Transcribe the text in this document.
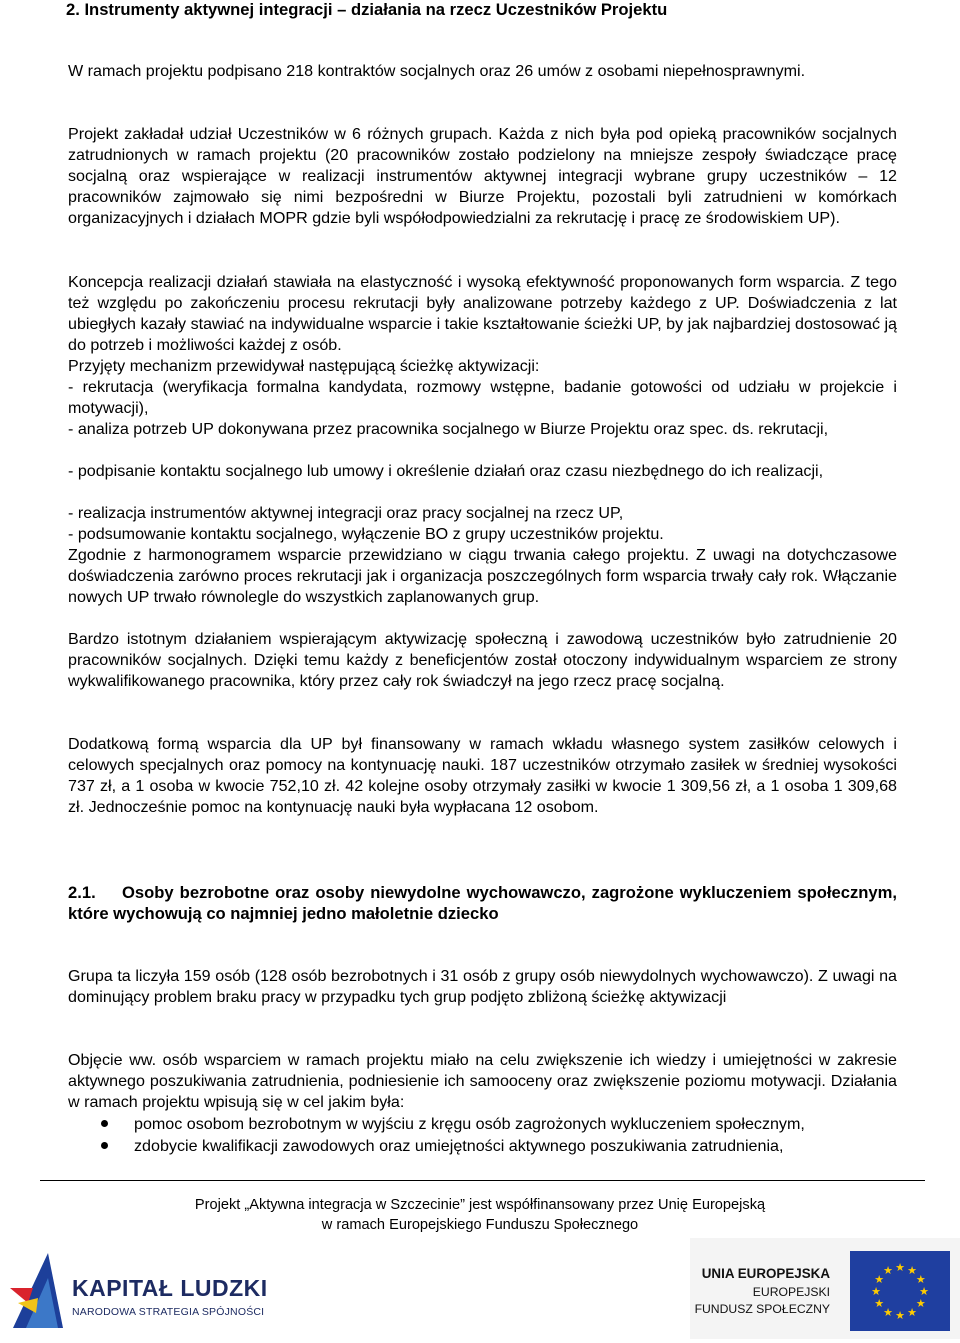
2. Instrumenty aktywnej integracji – działania na rzecz Uczestników Projektu
W ramach projektu podpisano 218 kontraktów socjalnych oraz 26 umów z osobami niepełnosprawnymi.
Projekt zakładał udział Uczestników w 6 różnych grupach. Każda z nich była pod opieką pracowników socjalnych zatrudnionych w ramach projektu (20 pracowników zostało podzielony na mniejsze zespoły świadczące pracę socjalną oraz wspierające w realizacji instrumentów aktywnej integracji wybrane grupy uczestników – 12 pracowników zajmowało się nimi bezpośredni w Biurze Projektu, pozostali byli zatrudnieni w komórkach organizacyjnych i działach MOPR gdzie byli współodpowiedzialni za rekrutację i pracę ze środowiskiem UP).
Koncepcja realizacji działań stawiała na elastyczność i wysoką efektywność proponowanych form wsparcia. Z tego też względu po zakończeniu procesu rekrutacji były analizowane potrzeby każdego z UP. Doświadczenia z lat ubiegłych kazały stawiać na indywidualne wsparcie i takie kształtowanie ścieżki UP, by jak najbardziej dostosować ją do potrzeb i możliwości każdej z osób.
Przyjęty mechanizm przewidywał następującą ścieżkę aktywizacji:
- rekrutacja (weryfikacja formalna kandydata, rozmowy wstępne, badanie gotowości od udziału w projekcie i motywacji),
- analiza potrzeb UP dokonywana przez pracownika socjalnego w Biurze Projektu oraz spec. ds. rekrutacji,
- podpisanie kontaktu socjalnego lub umowy i określenie działań oraz czasu niezbędnego do ich realizacji,
- realizacja instrumentów aktywnej integracji oraz pracy socjalnej na rzecz UP,
- podsumowanie kontaktu socjalnego, wyłączenie BO z grupy uczestników projektu.
Zgodnie z harmonogramem wsparcie przewidziano w ciągu trwania całego projektu. Z uwagi na dotychczasowe doświadczenia zarówno proces rekrutacji jak i organizacja poszczególnych form wsparcia trwały cały rok. Włączanie nowych UP trwało równolegle do wszystkich zaplanowanych grup.
Bardzo istotnym działaniem wspierającym aktywizację społeczną i zawodową uczestników było zatrudnienie 20 pracowników socjalnych. Dzięki temu każdy z beneficjentów został otoczony indywidualnym wsparciem ze strony wykwalifikowanego pracownika, który przez cały rok świadczył na jego rzecz pracę socjalną.
Dodatkową formą wsparcia dla UP był finansowany w ramach wkładu własnego system zasiłków celowych i celowych specjalnych oraz pomocy na kontynuację nauki. 187 uczestników otrzymało zasiłek w średniej wysokości 737 zł, a 1 osoba w kwocie 752,10 zł. 42 kolejne osoby otrzymały zasiłki w kwocie 1 309,56 zł, a 1 osoba 1 309,68 zł. Jednocześnie pomoc na kontynuację nauki była wypłacana 12 osobom.
2.1. Osoby bezrobotne oraz osoby niewydolne wychowawczo, zagrożone wykluczeniem społecznym, które wychowują co najmniej jedno małoletnie dziecko
Grupa ta liczyła 159 osób (128 osób bezrobotnych i 31 osób z grupy osób niewydolnych wychowawczo). Z uwagi na dominujący problem braku pracy w przypadku tych grup podjęto zbliżoną ścieżkę aktywizacji
Objęcie ww. osób wsparciem w ramach projektu miało na celu zwiększenie ich wiedzy i umiejętności w zakresie aktywnego poszukiwania zatrudnienia, podniesienie ich samooceny oraz zwiększenie poziomu motywacji. Działania w ramach projektu wpisują się w cel jakim była:
pomoc osobom bezrobotnym w wyjściu z kręgu osób zagrożonych wykluczeniem społecznym,
zdobycie kwalifikacji zawodowych oraz umiejętności aktywnego poszukiwania zatrudnienia,
Projekt „Aktywna integracja w Szczecinie” jest współfinansowany przez Unię Europejską
w ramach Europejskiego Funduszu Społecznego
KAPITAŁ LUDZKI
NARODOWA STRATEGIA SPÓJNOŚCI
UNIA EUROPEJSKA
EUROPEJSKI
FUNDUSZ SPOŁECZNY
★ ★
★
★
★
★
★
★
★
★
★
★
